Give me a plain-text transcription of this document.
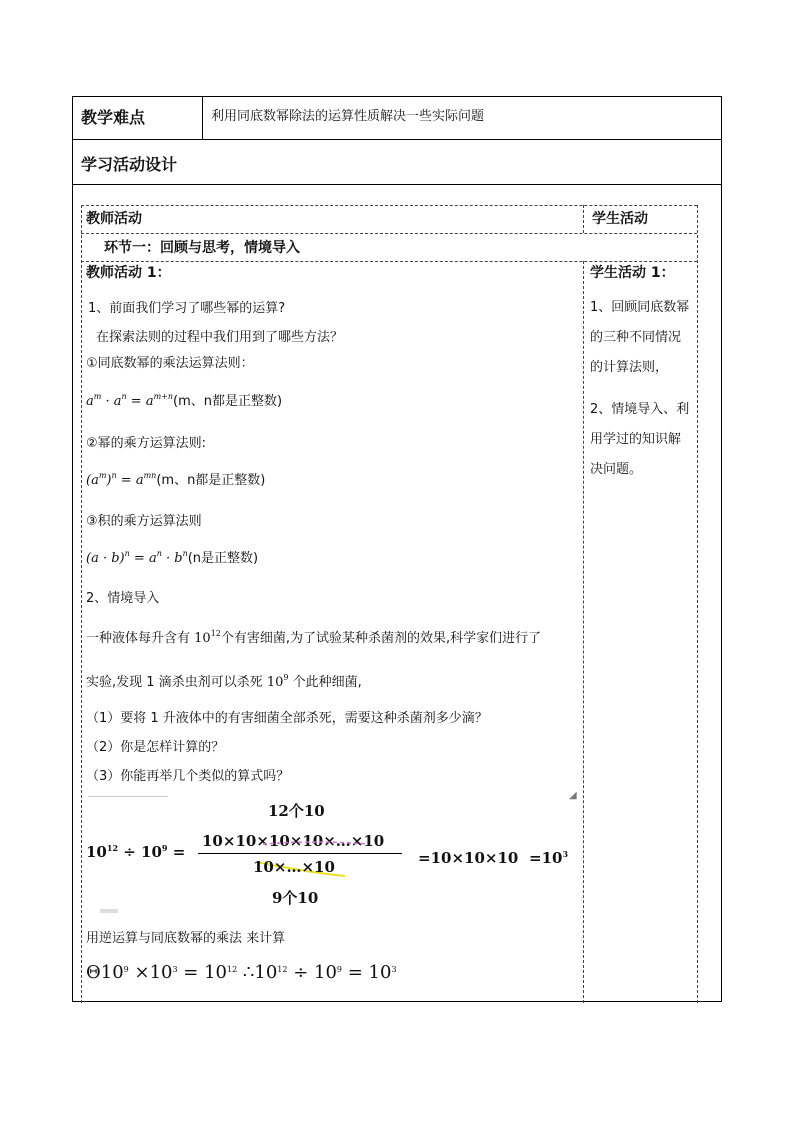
教学难点	利用同底数幂除法的运算性质解决一些实际问题
学习活动设计
教师活动	学生活动
环节一：回顾与思考，情境导入
教师活动 1：
1、前面我们学习了哪些幂的运算?
在探索法则的过程中我们用到了哪些方法？
①同底数幂的乘法运算法则：
$a^m \cdot a^n = a^{m+n}(m$、n都是正整数)
②幂的乘方运算法则:
$(a^m)^n = a^{mn}(m$、n都是正整数)
③积的乘方运算法则
$(a \cdot b)^n = a^n \cdot b^n(n$是正整数)
2、情境导入
一种液体每升含有 $10^{12}$个有害细菌,为了试验某种杀菌剂的效果,科学家们进行了
实验,发现 1 滴杀虫剂可以杀死 $10^9$ 个此种细菌,
（1）要将 1 升液体中的有害细菌全部杀死，需要这种杀菌剂多少滴？
（2）你是怎样计算的？
（3）你能再举几个类似的算式吗？
12个10
$10^{12} \div 10^9$ =
10×10×10×10×…×10
10×…×10	$=10\times 10\times 10 =10^3$
9个10
◢
用逆运算与同底数幂的乘法 来计算
$\Theta 10^9 \times 10^3 = 10^{12}$ $\therefore 10^{12} \div 10^9 = 10^3$
学生活动 1：
1、回顾同底数幂
的三种不同情况
的计算法则，
2、情境导入、利
用学过的知识解
决问题。
